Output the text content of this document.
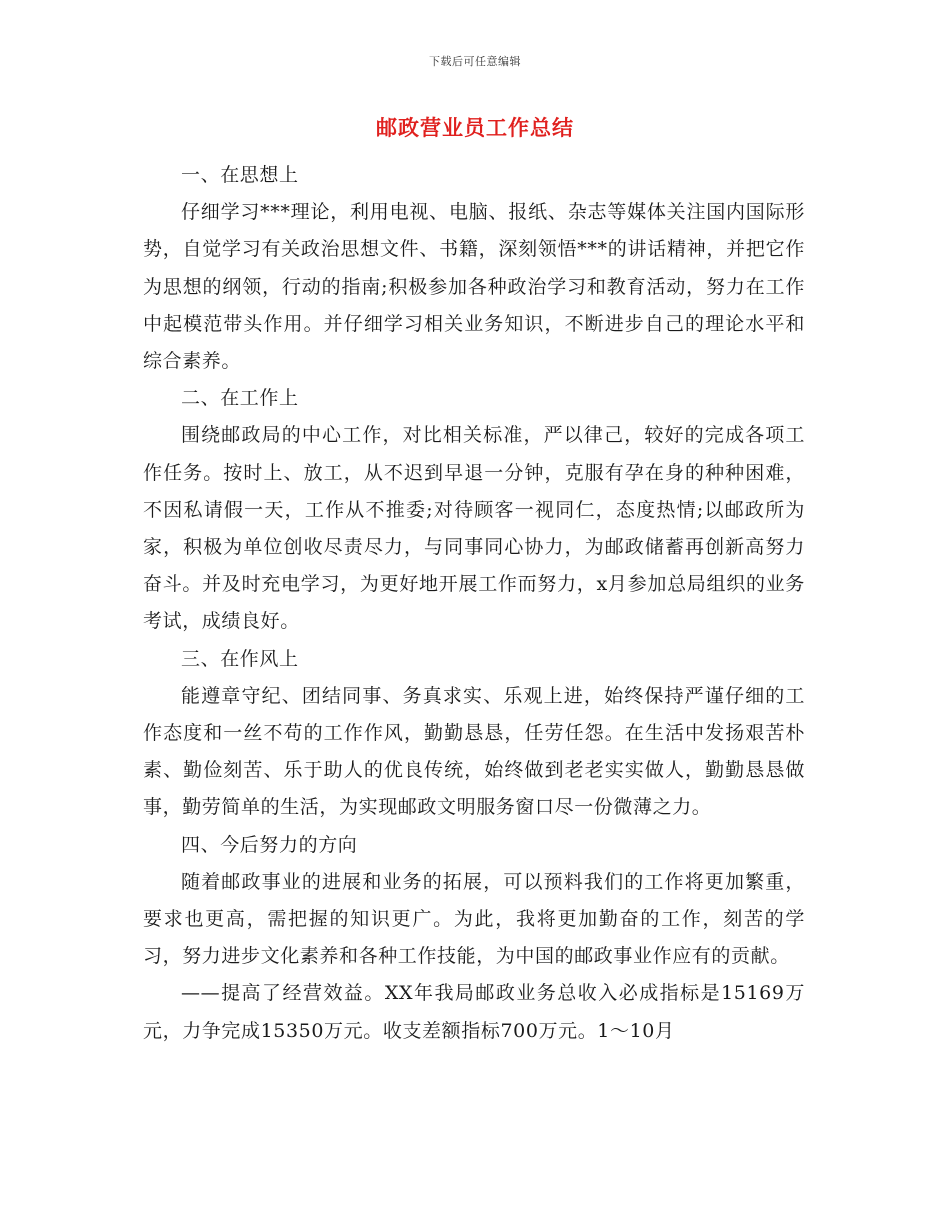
下载后可任意编辑
邮政营业员工作总结

一、在思想上

仔细学习***理论，利用电视、电脑、报纸、杂志等媒体关注国内国际形势，自觉学习有关政治思想文件、书籍，深刻领悟***的讲话精神，并把它作为思想的纲领，行动的指南;积极参加各种政治学习和教育活动，努力在工作中起模范带头作用。并仔细学习相关业务知识，不断进步自己的理论水平和综合素养。

二、在工作上

围绕邮政局的中心工作，对比相关标准，严以律己，较好的完成各项工作任务。按时上、放工，从不迟到早退一分钟，克服有孕在身的种种困难，不因私请假一天，工作从不推委;对待顾客一视同仁，态度热情;以邮政所为家，积极为单位创收尽责尽力，与同事同心协力，为邮政储蓄再创新高努力奋斗。并及时充电学习，为更好地开展工作而努力，x月参加总局组织的业务考试，成绩良好。

三、在作风上

能遵章守纪、团结同事、务真求实、乐观上进，始终保持严谨仔细的工作态度和一丝不苟的工作作风，勤勤恳恳，任劳任怨。在生活中发扬艰苦朴素、勤俭刻苦、乐于助人的优良传统，始终做到老老实实做人，勤勤恳恳做事，勤劳简单的生活，为实现邮政文明服务窗口尽一份微薄之力。

四、今后努力的方向

随着邮政事业的进展和业务的拓展，可以预料我们的工作将更加繁重，要求也更高，需把握的知识更广。为此，我将更加勤奋的工作，刻苦的学习，努力进步文化素养和各种工作技能，为中国的邮政事业作应有的贡献。

——提高了经营效益。XX年我局邮政业务总收入必成指标是15169万元，力争完成15350万元。收支差额指标700万元。1～10月
